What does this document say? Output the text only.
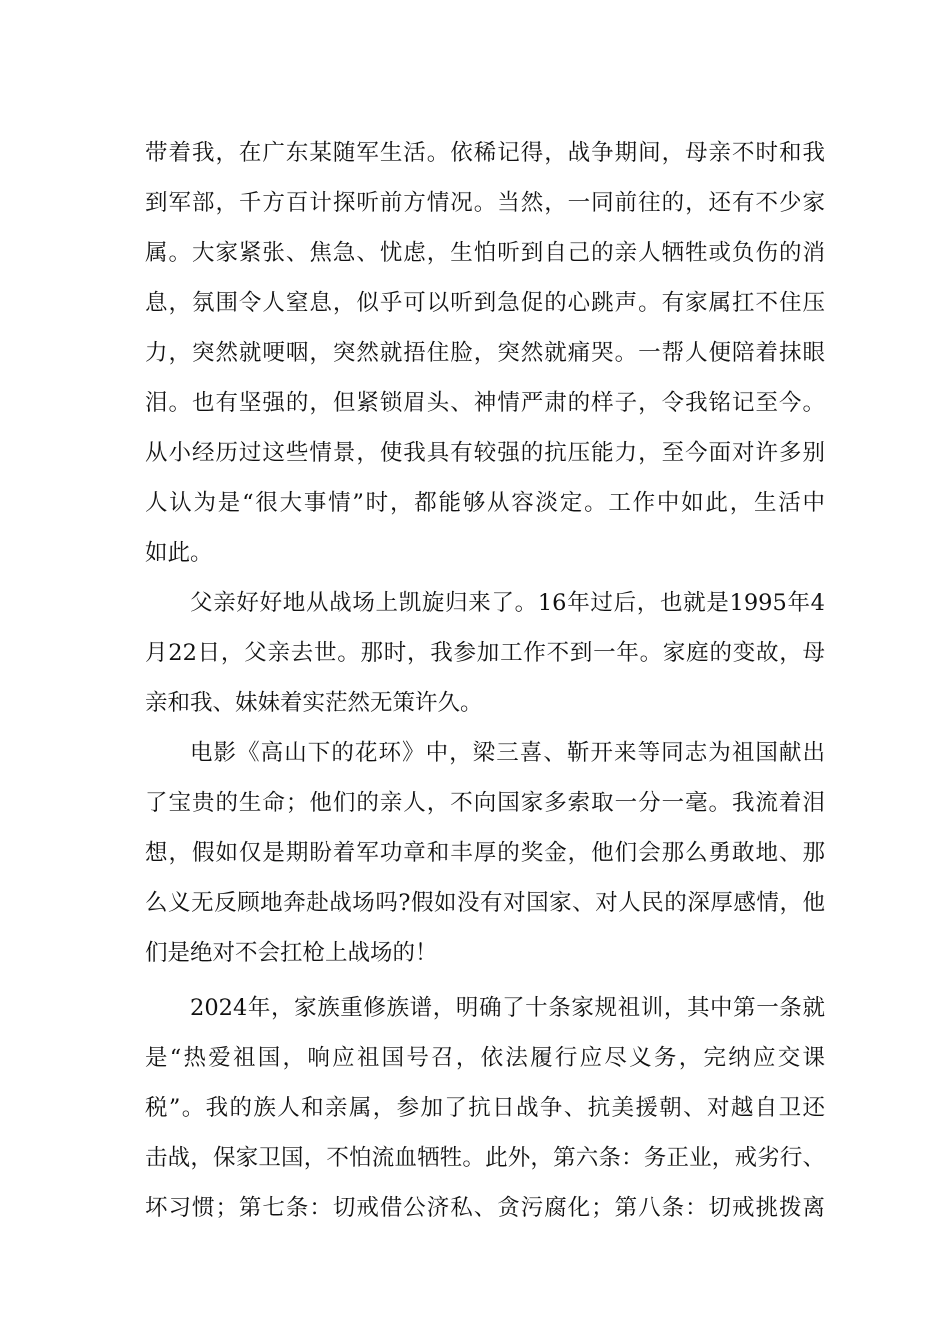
带着我，在广东某随军生活。依稀记得，战争期间，母亲不时和我
到军部，千方百计探听前方情况。当然，一同前往的，还有不少家
属。大家紧张、焦急、忧虑，生怕听到自己的亲人牺牲或负伤的消
息，氛围令人窒息，似乎可以听到急促的心跳声。有家属扛不住压
力，突然就哽咽，突然就捂住脸，突然就痛哭。一帮人便陪着抹眼
泪。也有坚强的，但紧锁眉头、神情严肃的样子，令我铭记至今。
从小经历过这些情景，使我具有较强的抗压能力，至今面对许多别
人认为是“很大事情”时，都能够从容淡定。工作中如此，生活中
如此。
父亲好好地从战场上凯旋归来了。16年过后，也就是1995年4
月22日，父亲去世。那时，我参加工作不到一年。家庭的变故，母
亲和我、妹妹着实茫然无策许久。
电影《高山下的花环》中，梁三喜、靳开来等同志为祖国献出
了宝贵的生命；他们的亲人，不向国家多索取一分一毫。我流着泪
想，假如仅是期盼着军功章和丰厚的奖金，他们会那么勇敢地、那
么义无反顾地奔赴战场吗?假如没有对国家、对人民的深厚感情，他
们是绝对不会扛枪上战场的！
2024年，家族重修族谱，明确了十条家规祖训，其中第一条就
是“热爱祖国，响应祖国号召，依法履行应尽义务，完纳应交课
税”。我的族人和亲属，参加了抗日战争、抗美援朝、对越自卫还
击战，保家卫国，不怕流血牺牲。此外，第六条：务正业，戒劣行、
坏习惯；第七条：切戒借公济私、贪污腐化；第八条：切戒挑拨离
